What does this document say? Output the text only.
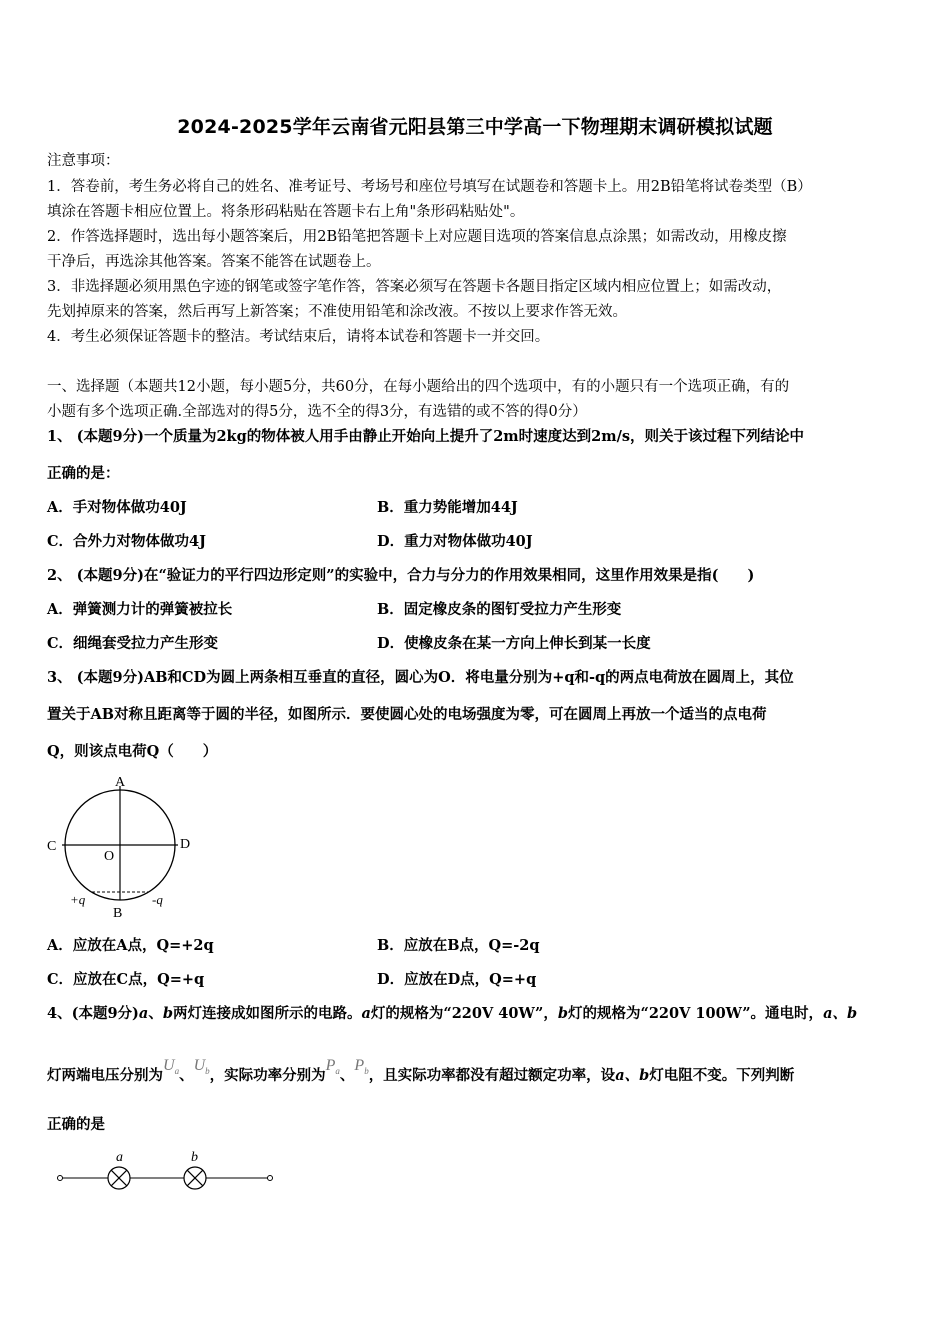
2024-2025学年云南省元阳县第三中学高一下物理期末调研模拟试题
注意事项：
1．答卷前，考生务必将自己的姓名、准考证号、考场号和座位号填写在试题卷和答题卡上。用2B铅笔将试卷类型（B）
填涂在答题卡相应位置上。将条形码粘贴在答题卡右上角"条形码粘贴处"。
2．作答选择题时，选出每小题答案后，用2B铅笔把答题卡上对应题目选项的答案信息点涂黑；如需改动，用橡皮擦
干净后，再选涂其他答案。答案不能答在试题卷上。
3．非选择题必须用黑色字迹的钢笔或签字笔作答，答案必须写在答题卡各题目指定区域内相应位置上；如需改动，
先划掉原来的答案，然后再写上新答案；不准使用铅笔和涂改液。不按以上要求作答无效。
4．考生必须保证答题卡的整洁。考试结束后，请将本试卷和答题卡一并交回。
一、选择题（本题共12小题，每小题5分，共60分，在每小题给出的四个选项中，有的小题只有一个选项正确，有的
小题有多个选项正确.全部选对的得5分，选不全的得3分，有选错的或不答的得0分）
1、 (本题9分)一个质量为2kg的物体被人用手由静止开始向上提升了2m时速度达到2m/s，则关于该过程下列结论中
正确的是：
A．手对物体做功40J	B．重力势能增加44J
C．合外力对物体做功4J	D．重力对物体做功40J
2、 (本题9分)在“验证力的平行四边形定则”的实验中，合力与分力的作用效果相同，这里作用效果是指(　　)
A．弹簧测力计的弹簧被拉长	B．固定橡皮条的图钉受拉力产生形变
C．细绳套受拉力产生形变	D．使橡皮条在某一方向上伸长到某一长度
3、 (本题9分)AB和CD为圆上两条相互垂直的直径，圆心为O．将电量分别为+q和-q的两点电荷放在圆周上，其位
置关于AB对称且距离等于圆的半径，如图所示．要使圆心处的电场强度为零，可在圆周上再放一个适当的点电荷
Q，则该点电荷Q（　　）
A
B
C	D
O
+q	-q
A．应放在A点，Q=+2q	B．应放在B点，Q=-2q
C．应放在C点，Q=+q	D．应放在D点，Q=+q
4、(本题9分)a、b两灯连接成如图所示的电路。a灯的规格为“220V 40W”，b灯的规格为“220V 100W”。通电时，a、b
灯两端电压分别为$U_a$、$U_b$，实际功率分别为$P_a$、$P_b$，且实际功率都没有超过额定功率，设a、b灯电阻不变。下列判断
正确的是
a	b
